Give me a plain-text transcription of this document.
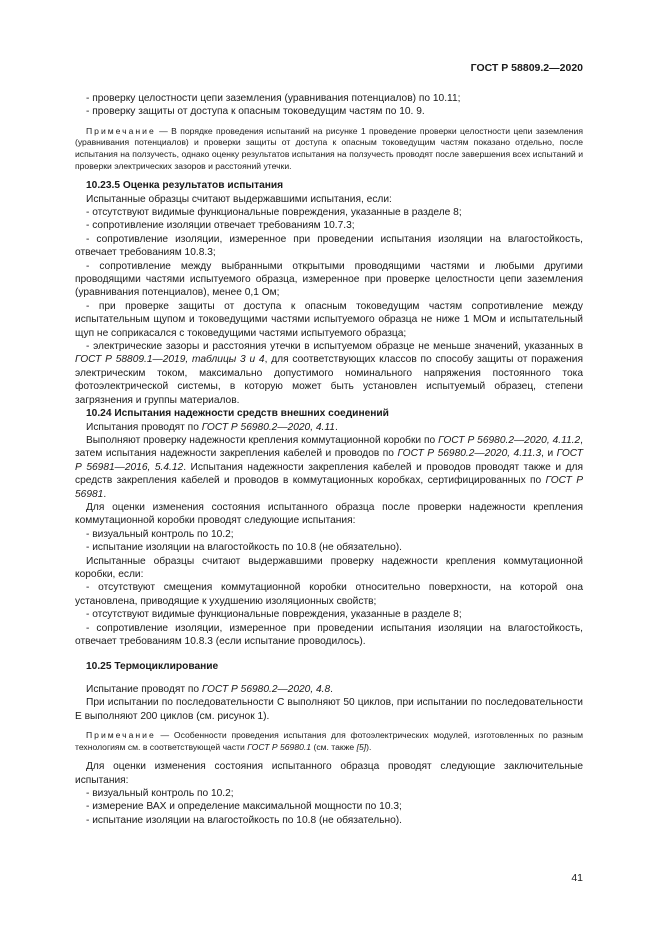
ГОСТ Р 58809.2—2020

- проверку целостности цепи заземления (уравнивания потенциалов) по 10.11;

- проверку защиты от доступа к опасным токоведущим частям по 10. 9.

Примечание — В порядке проведения испытаний на рисунке 1 проведение проверки целостности цепи заземления (уравнивания потенциалов) и проверки защиты от доступа к опасным токоведущим частям показано отдельно, после испытания на ползучесть, однако оценку результатов испытания на ползучесть проводят после завершения всех испытаний и проверки электрических зазоров и расстояний утечки.

10.23.5 Оценка результатов испытания

Испытанные образцы считают выдержавшими испытания, если:

- отсутствуют видимые функциональные повреждения, указанные в разделе 8;

- сопротивление изоляции отвечает требованиям 10.7.3;

- сопротивление изоляции, измеренное при проведении испытания изоляции на влагостойкость, отвечает требованиям 10.8.3;

- сопротивление между выбранными открытыми проводящими частями и любыми другими проводящими частями испытуемого образца, измеренное при проверке целостности цепи заземления (уравнивания потенциалов), менее 0,1 Ом;

- при проверке защиты от доступа к опасным токоведущим частям сопротивление между испытательным щупом и токоведущими частями испытуемого образца не ниже 1 МОм и испытательный щуп не соприкасался с токоведущими частями испытуемого образца;

- электрические зазоры и расстояния утечки в испытуемом образце не меньше значений, указанных в ГОСТ Р 58809.1—2019, таблицы 3 и 4, для соответствующих классов по способу защиты от поражения электрическим током, максимально допустимого номинального напряжения постоянного тока фотоэлектрической системы, в которую может быть установлен испытуемый образец, степени загрязнения и группы материалов.

10.24 Испытания надежности средств внешних соединений

Испытания проводят по ГОСТ Р 56980.2—2020, 4.11.

Выполняют проверку надежности крепления коммутационной коробки по ГОСТ Р 56980.2—2020, 4.11.2, затем испытания надежности закрепления кабелей и проводов по ГОСТ Р 56980.2—2020, 4.11.3, и ГОСТ Р 56981—2016, 5.4.12. Испытания надежности закрепления кабелей и проводов проводят также и для средств закрепления кабелей и проводов в коммутационных коробках, сертифицированных по ГОСТ Р 56981.

Для оценки изменения состояния испытанного образца после проверки надежности крепления коммутационной коробки проводят следующие испытания:

- визуальный контроль по 10.2;

- испытание изоляции на влагостойкость по 10.8 (не обязательно).

Испытанные образцы считают выдержавшими проверку надежности крепления коммутационной коробки, если:

- отсутствуют смещения коммутационной коробки относительно поверхности, на которой она установлена, приводящие к ухудшению изоляционных свойств;

- отсутствуют видимые функциональные повреждения, указанные в разделе 8;

- сопротивление изоляции, измеренное при проведении испытания изоляции на влагостойкость, отвечает требованиям 10.8.3 (если испытание проводилось).

10.25 Термоциклирование

Испытание проводят по ГОСТ Р 56980.2—2020, 4.8.

При испытании по последовательности С выполняют 50 циклов, при испытании по последовательности Е выполняют 200 циклов (см. рисунок 1).

Примечание — Особенности проведения испытания для фотоэлектрических модулей, изготовленных по разным технологиям см. в соответствующей части ГОСТ Р 56980.1 (см. также [5]).

Для оценки изменения состояния испытанного образца проводят следующие заключительные испытания:

- визуальный контроль по 10.2;

- измерение ВАХ и определение максимальной мощности по 10.3;

- испытание изоляции на влагостойкость по 10.8 (не обязательно).

41
